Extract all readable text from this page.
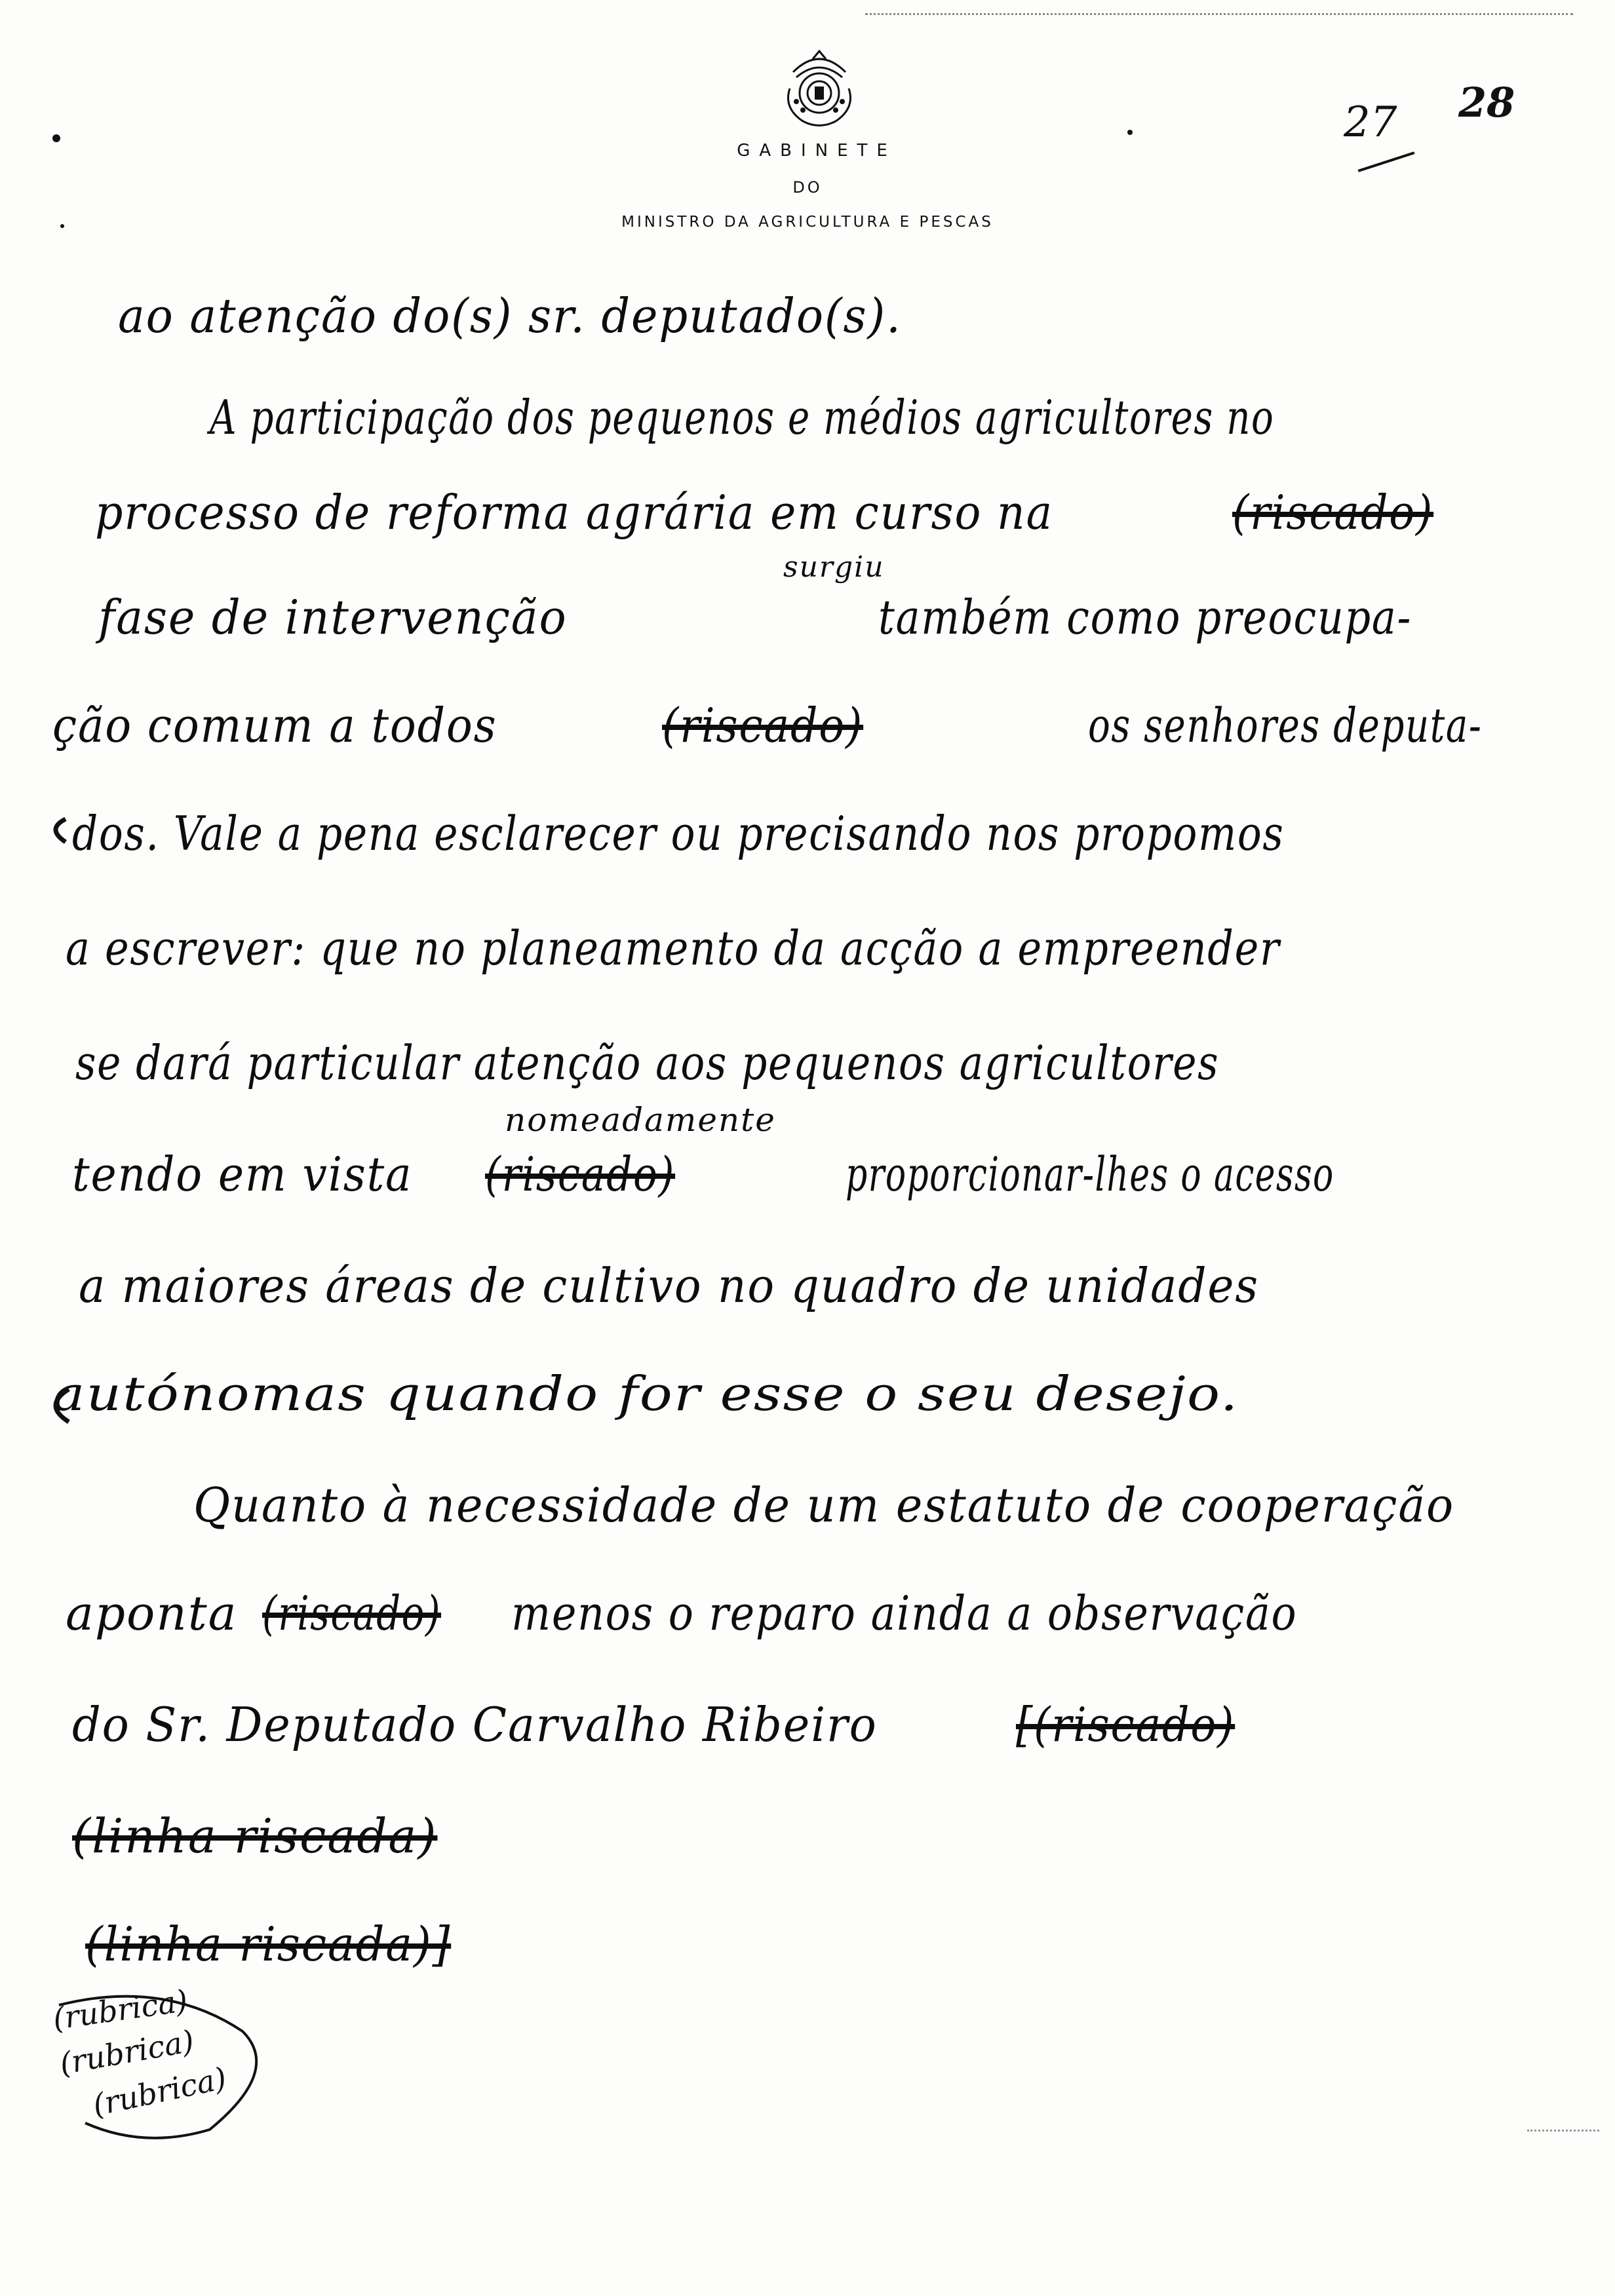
GABINETE
DO
MINISTRO DA AGRICULTURA E PESCAS
27 28
ao atenção do(s) sr. deputado(s).
A participação dos pequenos e médios agricultores no
processo de reforma agrária em curso na	(riscado)
fase de intervenção
surgiu
também como preocupa-
ção comum a todos	(riscado)	os senhores deputa-
dos. Vale a pena esclarecer ou precisando nos propomos
a escrever: que no planeamento da acção a empreender
se dará particular atenção aos pequenos agricultores
tendo em vista
nomeadamente
(riscado)	proporcionar-lhes o acesso
a maiores áreas de cultivo no quadro de unidades
autónomas quando for esse o seu desejo.
Quanto à necessidade de um estatuto de cooperação
aponta (riscado) menos o reparo ainda a observação
do Sr. Deputado Carvalho Ribeiro	[(riscado)
(linha riscada)
(linha riscada)]
(rubrica)
(rubrica)
(rubrica)
